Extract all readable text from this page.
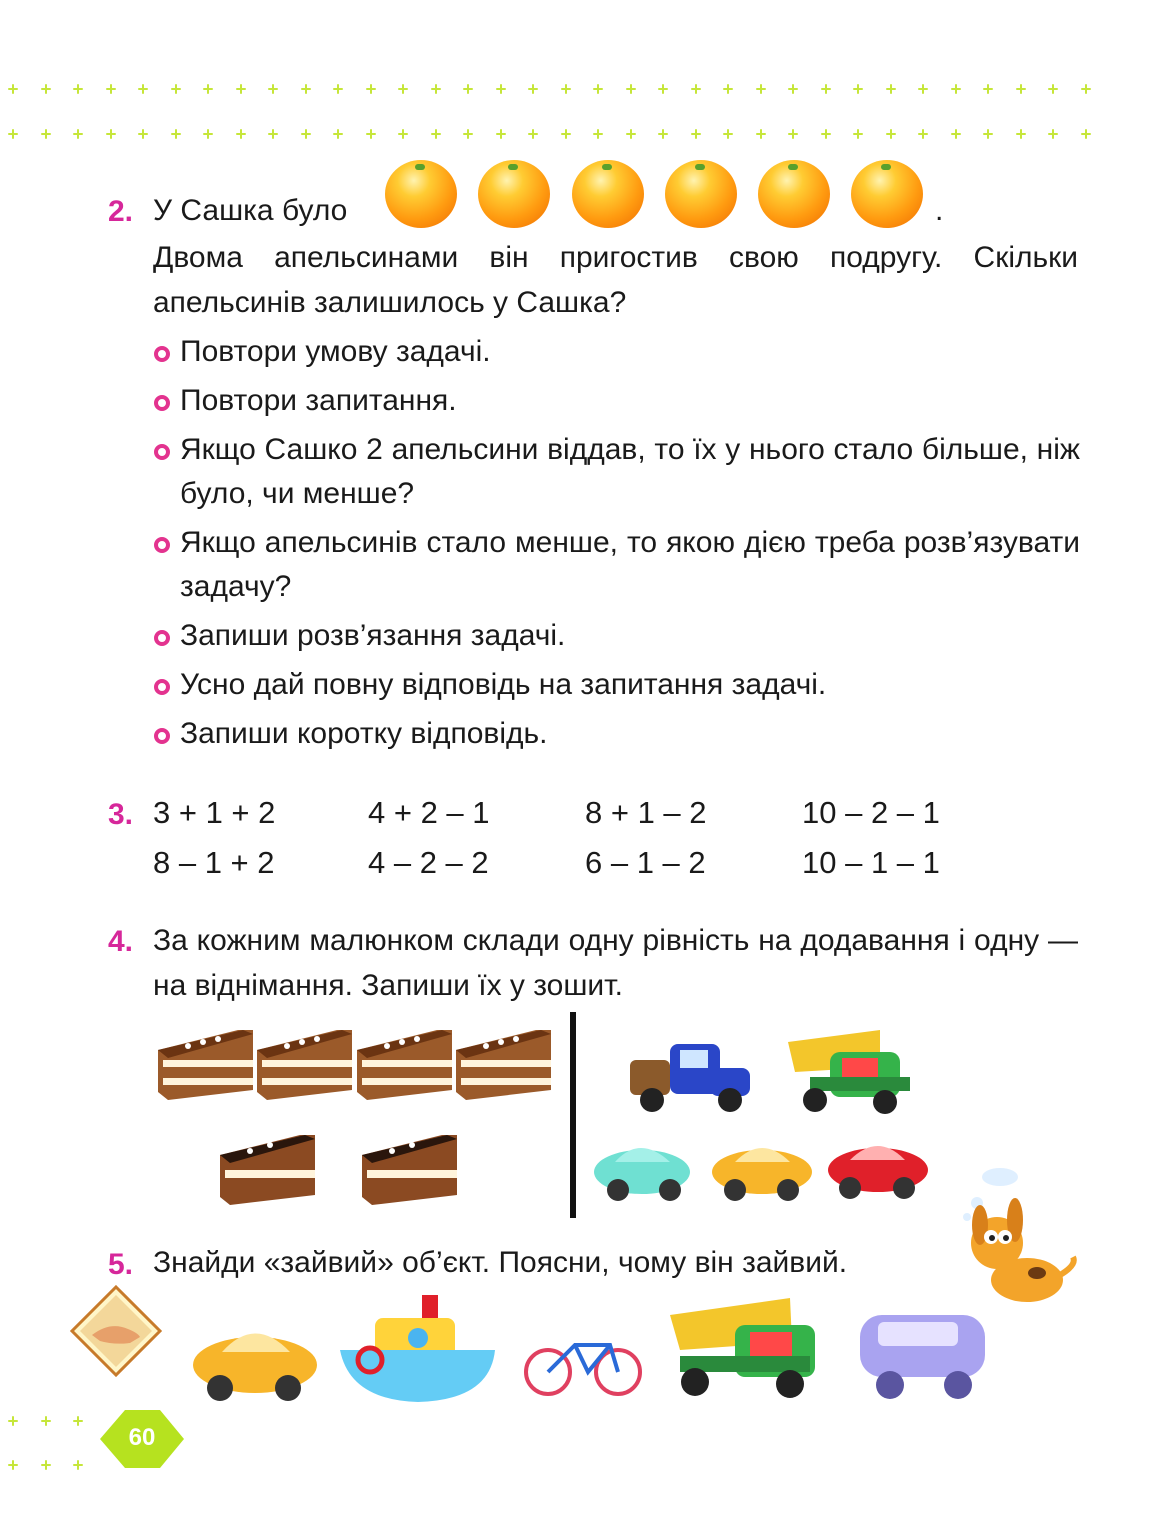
2. У Сашка було	.
Двома апельсинами він пригостив свою подругу. Скільки апельсинів залишилось у Сашка?
Повтори умову задачі.
Повтори запитання.
Якщо Сашко 2 апельсини віддав, то їх у нього стало більше, ніж було, чи менше?
Якщо апельсинів стало менше, то якою дією треба розв’язувати задачу?
Запиши розв’язання задачі.
Усно дай повну відповідь на запитання задачі.
Запиши коротку відповідь.
3. 3 + 1 + 2	4 + 2 – 1	8 + 1 – 2	10 – 2 – 1
8 – 1 + 2	4 – 2 – 2	6 – 1 – 2	10 – 1 – 1
4. За кожним малюнком склади одну рівність на додавання і одну — на віднімання. Запиши їх у зошит.
5. Знайди «зайвий» об’єкт. Поясни, чому він зайвий.
60
